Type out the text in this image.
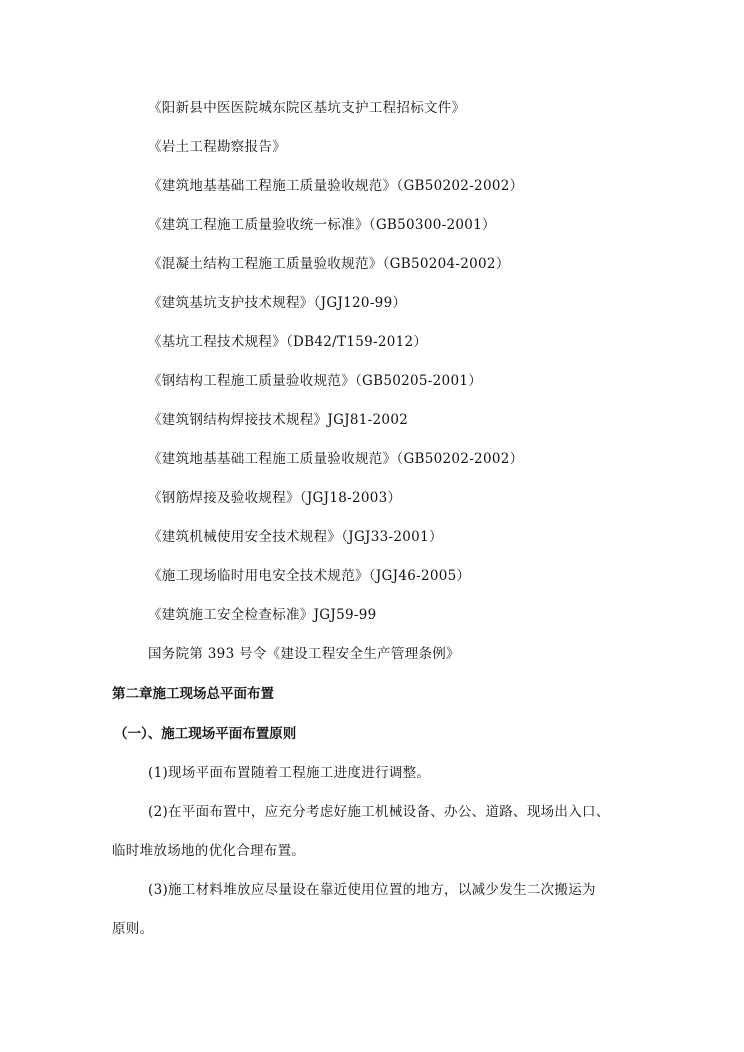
《阳新县中医医院城东院区基坑支护工程招标文件》
《岩土工程勘察报告》
《建筑地基基础工程施工质量验收规范》（GB50202-2002）
《建筑工程施工质量验收统一标准》（GB50300-2001）
《混凝土结构工程施工质量验收规范》（GB50204-2002）
《建筑基坑支护技术规程》（JGJ120-99）
《基坑工程技术规程》（DB42/T159-2012）
《钢结构工程施工质量验收规范》（GB50205-2001）
《建筑钢结构焊接技术规程》JGJ81-2002
《建筑地基基础工程施工质量验收规范》（GB50202-2002）
《钢筋焊接及验收规程》（JGJ18-2003）
《建筑机械使用安全技术规程》（JGJ33-2001）
《施工现场临时用电安全技术规范》（JGJ46-2005）
《建筑施工安全检查标准》JGJ59-99
国务院第 393 号令《建设工程安全生产管理条例》
第二章施工现场总平面布置
（一）、施工现场平面布置原则
(1)现场平面布置随着工程施工进度进行调整。
(2)在平面布置中，应充分考虑好施工机械设备、办公、道路、现场出入口、
临时堆放场地的优化合理布置。
(3)施工材料堆放应尽量设在靠近使用位置的地方，以减少发生二次搬运为
原则。
